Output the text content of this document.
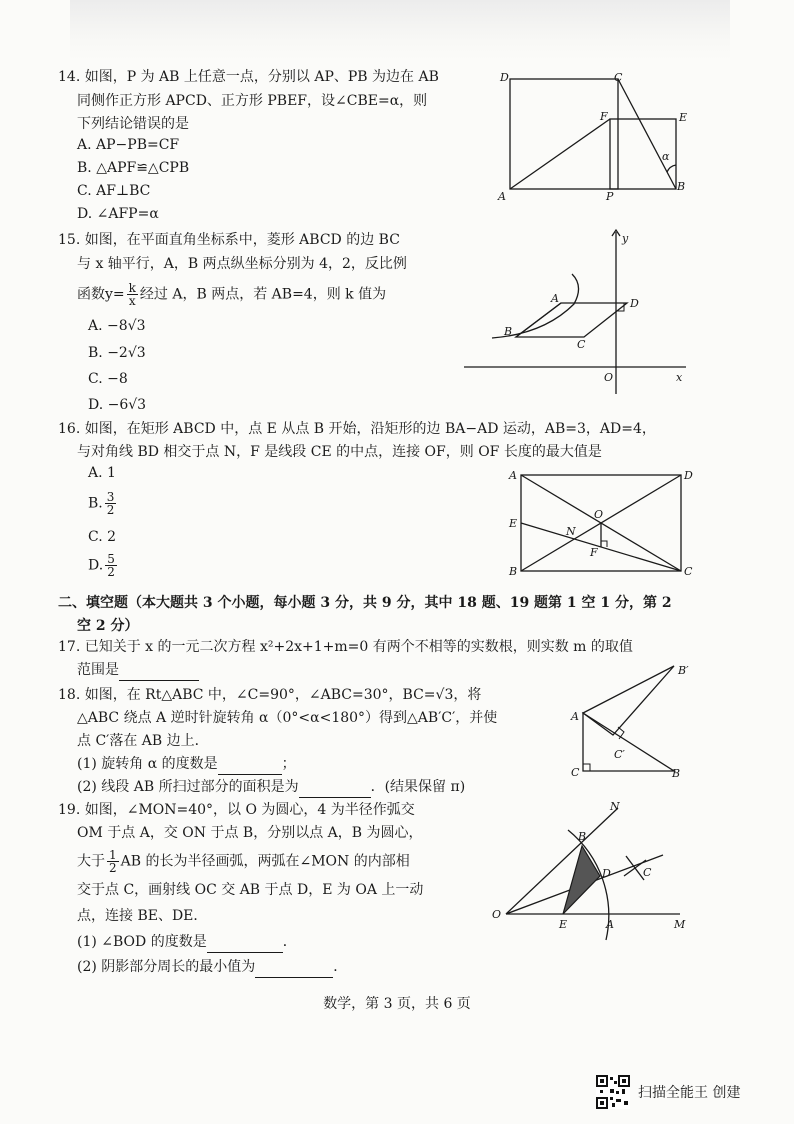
14. 如图，P 为 AB 上任意一点，分别以 AP、PB 为边在 AB
同侧作正方形 APCD、正方形 PBEF，设∠CBE=α，则
下列结论错误的是
A. AP−PB=CF
B. △APF≌△CPB
C. AF⊥BC
D. ∠AFP=α
D	C
F	E
α
A	P
B
15. 如图，在平面直角坐标系中，菱形 ABCD 的边 BC
与 x 轴平行，A，B 两点纵坐标分别为 4，2，反比例
函数$y= \frac{k}{x}$ 经过 A，B 两点，若 AB=4，则 k 值为
A. −8√3
B. −2√3
C. −8
D. −6√3
y
x
O
A	D
B
C
16. 如图，在矩形 ABCD 中，点 E 从点 B 开始，沿矩形的边 BA−AD 运动，AB=3，AD=4，
与对角线 BD 相交于点 N，F 是线段 CE 的中点，连接 OF，则 OF 长度的最大值是
A. 1
B. $\frac{3}{2}$
C. 2
D. $\frac{5}{2}$
A	D
E
N
O
F
B	C
二、填空题（本大题共 3 个小题，每小题 3 分，共 9 分，其中 18 题、19 题第 1 空 1 分，第 2
空 2 分）
17. 已知关于 x 的一元二次方程 x²+2x+1+m=0 有两个不相等的实数根，则实数 m 的取值
范围是
18. 如图，在 Rt△ABC 中，∠C=90°，∠ABC=30°，BC=√3，将
△ABC 绕点 A 逆时针旋转角 α（0°<α<180°）得到△AB′C′，并使
点 C′落在 AB 边上．
(1) 旋转角 α 的度数是	；
(2) 线段 AB 所扫过部分的面积是为	．(结果保留 π)
B′
A
C′
C	B
19. 如图，∠MON=40°，以 O 为圆心，4 为半径作弧交
OM 于点 A，交 ON 于点 B，分别以点 A，B 为圆心，
大于 $\frac{1}{2}$ AB 的长为半径画弧，两弧在∠MON 的内部相
交于点 C，画射线 OC 交 AB 于点 D，E 为 OA 上一动
点，连接 BE、DE．
(1) ∠BOD 的度数是	．
(2) 阴影部分周长的最小值为	．
N
B
C
D
O
E	A	M
数学，第 3 页，共 6 页
扫描全能王 创建
